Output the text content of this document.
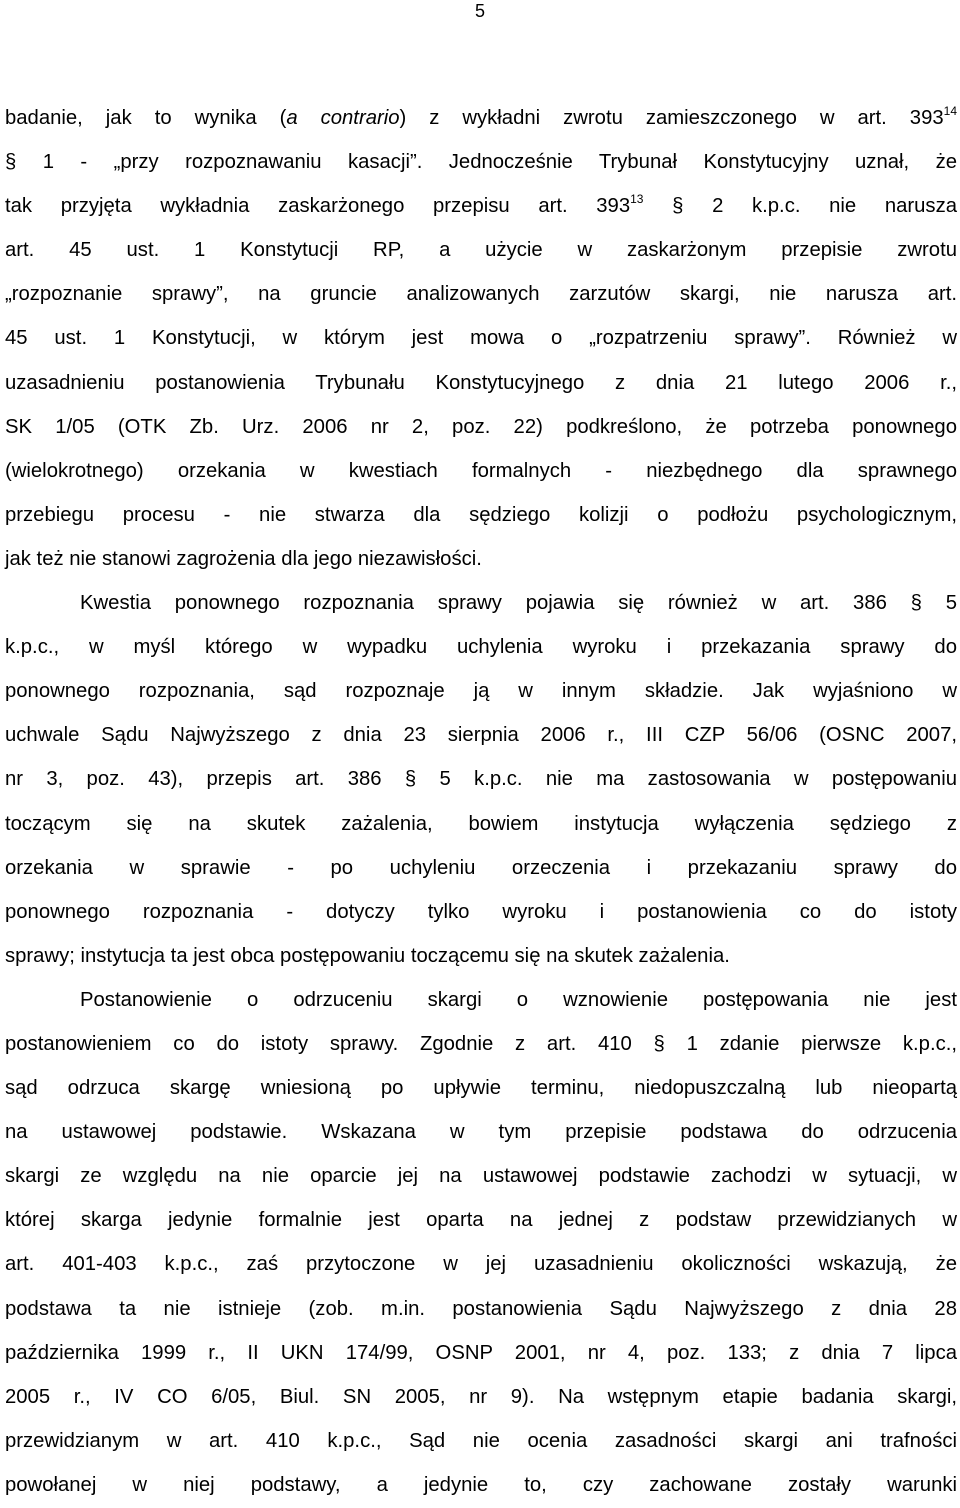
5

badanie, jak to wynika (a contrario) z wykładni zwrotu zamieszczonego w art. $393^{14}$
§ 1 - „przy rozpoznawaniu kasacji”. Jednocześnie Trybunał Konstytucyjny uznał, że
tak przyjęta wykładnia zaskarżonego przepisu art. $393^{13}$ § 2 k.p.c. nie narusza
art. 45 ust. 1 Konstytucji RP, a użycie w zaskarżonym przepisie zwrotu
„rozpoznanie sprawy”, na gruncie analizowanych zarzutów skargi, nie narusza art.
45 ust. 1 Konstytucji, w którym jest mowa o „rozpatrzeniu sprawy”. Również w
uzasadnieniu postanowienia Trybunału Konstytucyjnego z dnia 21 lutego 2006 r.,
SK 1/05 (OTK Zb. Urz. 2006 nr 2, poz. 22) podkreślono, że potrzeba ponownego
(wielokrotnego) orzekania w kwestiach formalnych - niezbędnego dla sprawnego
przebiegu procesu - nie stwarza dla sędziego kolizji o podłożu psychologicznym,
jak też nie stanowi zagrożenia dla jego niezawisłości.

Kwestia ponownego rozpoznania sprawy pojawia się również w art. 386 § 5
k.p.c., w myśl którego w wypadku uchylenia wyroku i przekazania sprawy do
ponownego rozpoznania, sąd rozpoznaje ją w innym składzie. Jak wyjaśniono w
uchwale Sądu Najwyższego z dnia 23 sierpnia 2006 r., III CZP 56/06 (OSNC 2007,
nr 3, poz. 43), przepis art. 386 § 5 k.p.c. nie ma zastosowania w postępowaniu
toczącym się na skutek zażalenia, bowiem instytucja wyłączenia sędziego z
orzekania w sprawie - po uchyleniu orzeczenia i przekazaniu sprawy do
ponownego rozpoznania - dotyczy tylko wyroku i postanowienia co do istoty
sprawy; instytucja ta jest obca postępowaniu toczącemu się na skutek zażalenia.

Postanowienie o odrzuceniu skargi o wznowienie postępowania nie jest
postanowieniem co do istoty sprawy. Zgodnie z art. 410 § 1 zdanie pierwsze k.p.c.,
sąd odrzuca skargę wniesioną po upływie terminu, niedopuszczalną lub nieopartą
na ustawowej podstawie. Wskazana w tym przepisie podstawa do odrzucenia
skargi ze względu na nie oparcie jej na ustawowej podstawie zachodzi w sytuacji, w
której skarga jedynie formalnie jest oparta na jednej z podstaw przewidzianych w
art. 401-403 k.p.c., zaś przytoczone w jej uzasadnieniu okoliczności wskazują, że
podstawa ta nie istnieje (zob. m.in. postanowienia Sądu Najwyższego z dnia 28
października 1999 r., II UKN 174/99, OSNP 2001, nr 4, poz. 133; z dnia 7 lipca
2005 r., IV CO 6/05, Biul. SN 2005, nr 9). Na wstępnym etapie badania skargi,
przewidzianym w art. 410 k.p.c., Sąd nie ocenia zasadności skargi ani trafności
powołanej w niej podstawy, a jedynie to, czy zachowane zostały warunki
